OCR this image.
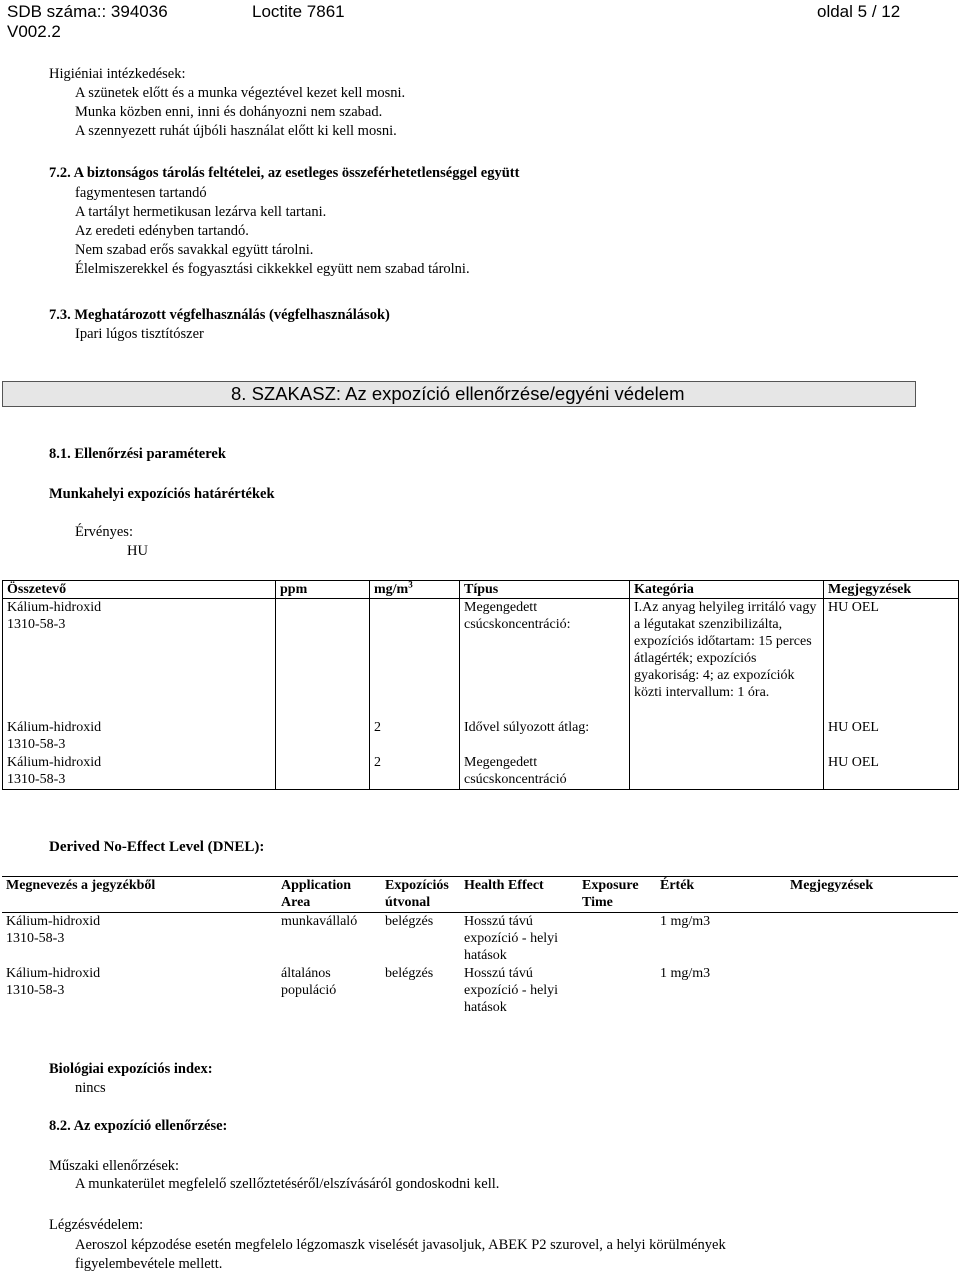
SDB száma:: 394036
V002.2
Loctite 7861	oldal 5 / 12
Higiéniai intézkedések:
A szünetek előtt és a munka végeztével kezet kell mosni.
Munka közben enni, inni és dohányozni nem szabad.
A szennyezett ruhát újbóli használat előtt ki kell mosni.
7.2. A biztonságos tárolás feltételei, az esetleges összeférhetetlenséggel együtt
fagymentesen tartandó
A tartályt hermetikusan lezárva kell tartani.
Az eredeti edényben tartandó.
Nem szabad erős savakkal együtt tárolni.
Élelmiszerekkel és fogyasztási cikkekkel együtt nem szabad tárolni.
7.3. Meghatározott végfelhasználás (végfelhasználások)
Ipari lúgos tisztítószer
8. SZAKASZ: Az expozíció ellenőrzése/egyéni védelem
8.1. Ellenőrzési paraméterek
Munkahelyi expozíciós határértékek
Érvényes:
HU
Összetevő	ppm	$mg/m^3$	Típus	Kategória	Megjegyzések

Kálium-hidroxid
1310-58-3			Megengedett csúcskoncentráció:	I.Az anyag helyileg irritáló vagy a légutakat szenzibilizálta, expozíciós időtartam: 15 perces átlagérték; expozíciós gyakoriság: 4; az expozíciók közti intervallum: 1 óra.	HU OEL

Kálium-hidroxid
1310-58-3		2	Idővel súlyozott átlag:		HU OEL

Kálium-hidroxid
1310-58-3		2	Megengedett csúcskoncentráció		HU OEL
Derived No-Effect Level (DNEL):
Megnevezés a jegyzékből	Application Area	Expozíciós útvonal	Health Effect	Exposure Time	Érték	Megjegyzések

Kálium-hidroxid
1310-58-3	munkavállaló	belégzés	Hosszú távú expozíció - helyi hatások		1 mg/m3	

Kálium-hidroxid
1310-58-3	általános populáció	belégzés	Hosszú távú expozíció - helyi hatások		1 mg/m3	
Biológiai expozíciós index:
nincs
8.2. Az expozíció ellenőrzése:
Műszaki ellenőrzések:
A munkaterület megfelelő szellőztetéséről/elszívásáról gondoskodni kell.
Légzésvédelem:
Aeroszol képzodése esetén megfelelo légzomaszk viselését javasoljuk, ABEK P2 szurovel, a helyi körülmények
figyelembevétele mellett.
